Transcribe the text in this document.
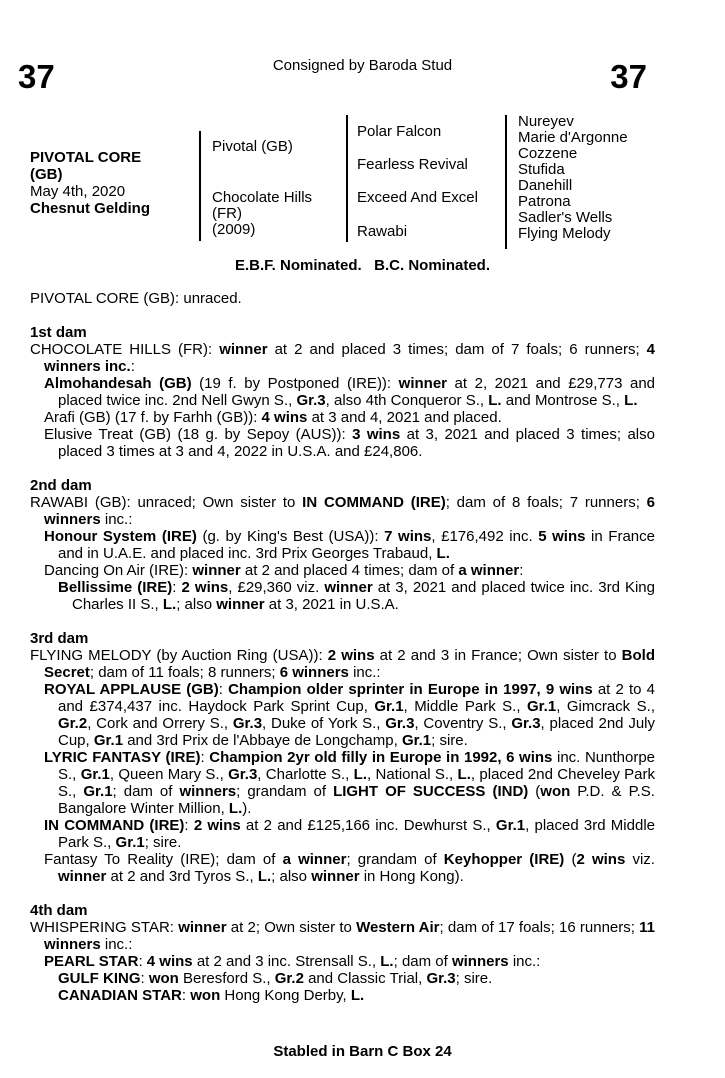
37	Consigned by Baroda Stud	37
PIVOTAL CORE
(GB)
May 4th, 2020
Chesnut Gelding
Pivotal (GB)
Chocolate Hills
(FR)
(2009)
Polar Falcon
Fearless Revival
Exceed And Excel
Rawabi
Nureyev
Marie d'Argonne
Cozzene
Stufida
Danehill
Patrona
Sadler's Wells
Flying Melody
E.B.F. Nominated.   B.C. Nominated.

PIVOTAL CORE (GB): unraced.

1st dam

CHOCOLATE HILLS (FR): winner at 2 and placed 3 times; dam of 7 foals; 6 runners; 4 winners inc.:

Almohandesah (GB) (19 f. by Postponed (IRE)): winner at 2, 2021 and £29,773 and placed twice inc. 2nd Nell Gwyn S., Gr.3, also 4th Conqueror S., L. and Montrose S., L.

Arafi (GB) (17 f. by Farhh (GB)): 4 wins at 3 and 4, 2021 and placed.

Elusive Treat (GB) (18 g. by Sepoy (AUS)): 3 wins at 3, 2021 and placed 3 times; also placed 3 times at 3 and 4, 2022 in U.S.A. and £24,806.

2nd dam

RAWABI (GB): unraced; Own sister to IN COMMAND (IRE); dam of 8 foals; 7 runners; 6 winners inc.:

Honour System (IRE) (g. by King's Best (USA)): 7 wins, £176,492 inc. 5 wins in France and in U.A.E. and placed inc. 3rd Prix Georges Trabaud, L.

Dancing On Air (IRE): winner at 2 and placed 4 times; dam of a winner:

Bellissime (IRE): 2 wins, £29,360 viz. winner at 3, 2021 and placed twice inc. 3rd King Charles II S., L.; also winner at 3, 2021 in U.S.A.

3rd dam

FLYING MELODY (by Auction Ring (USA)): 2 wins at 2 and 3 in France; Own sister to Bold Secret; dam of 11 foals; 8 runners; 6 winners inc.:

ROYAL APPLAUSE (GB): Champion older sprinter in Europe in 1997, 9 wins at 2 to 4 and £374,437 inc. Haydock Park Sprint Cup, Gr.1, Middle Park S., Gr.1, Gimcrack S., Gr.2, Cork and Orrery S., Gr.3, Duke of York S., Gr.3, Coventry S., Gr.3, placed 2nd July Cup, Gr.1 and 3rd Prix de l'Abbaye de Longchamp, Gr.1; sire.

LYRIC FANTASY (IRE): Champion 2yr old filly in Europe in 1992, 6 wins inc. Nunthorpe S., Gr.1, Queen Mary S., Gr.3, Charlotte S., L., National S., L., placed 2nd Cheveley Park S., Gr.1; dam of winners; grandam of LIGHT OF SUCCESS (IND) (won P.D. & P.S. Bangalore Winter Million, L.).

IN COMMAND (IRE): 2 wins at 2 and £125,166 inc. Dewhurst S., Gr.1, placed 3rd Middle Park S., Gr.1; sire.

Fantasy To Reality (IRE); dam of a winner; grandam of Keyhopper (IRE) (2 wins viz. winner at 2 and 3rd Tyros S., L.; also winner in Hong Kong).

4th dam

WHISPERING STAR: winner at 2; Own sister to Western Air; dam of 17 foals; 16 runners; 11 winners inc.:

PEARL STAR: 4 wins at 2 and 3 inc. Strensall S., L.; dam of winners inc.:

GULF KING: won Beresford S., Gr.2 and Classic Trial, Gr.3; sire.

CANADIAN STAR: won Hong Kong Derby, L.

Stabled in Barn C Box 24
